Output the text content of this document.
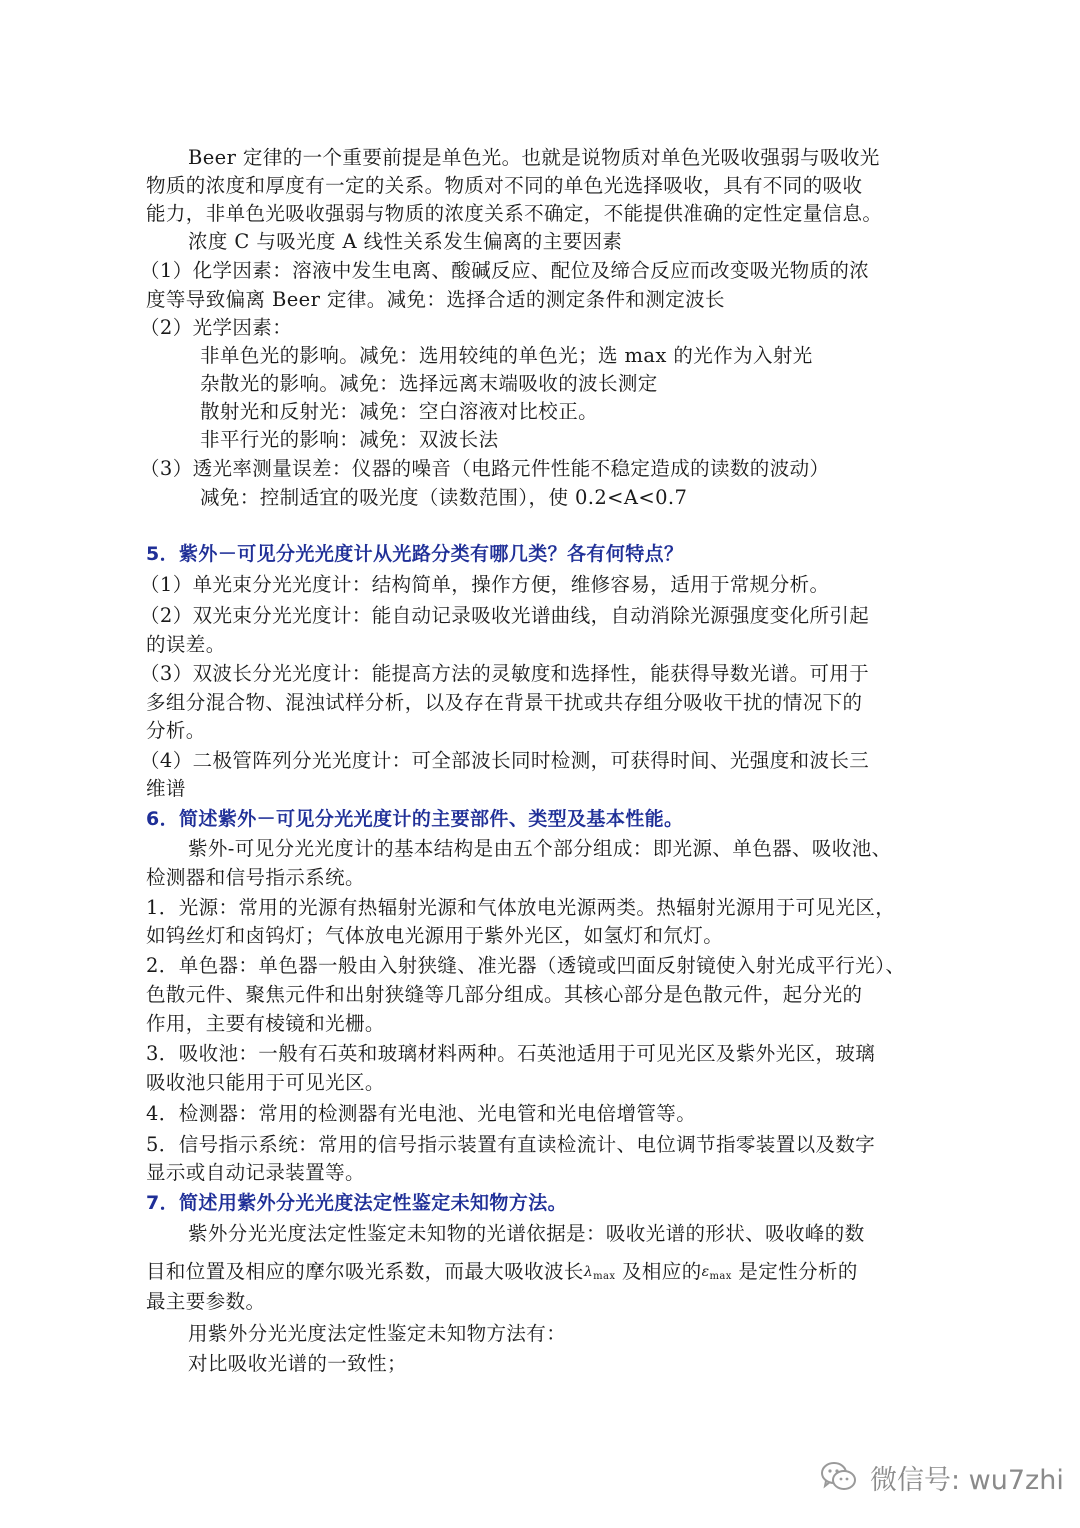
Beer 定律的一个重要前提是单色光。也就是说物质对单色光吸收强弱与吸收光
物质的浓度和厚度有一定的关系。物质对不同的单色光选择吸收，具有不同的吸收
能力，非单色光吸收强弱与物质的浓度关系不确定，不能提供准确的定性定量信息。
浓度 C 与吸光度 A 线性关系发生偏离的主要因素
（1）化学因素：溶液中发生电离、酸碱反应、配位及缔合反应而改变吸光物质的浓
度等导致偏离 Beer 定律。减免：选择合适的测定条件和测定波长
（2）光学因素：
非单色光的影响。减免：选用较纯的单色光；选 max 的光作为入射光
杂散光的影响。减免：选择远离末端吸收的波长测定
散射光和反射光：减免：空白溶液对比校正。
非平行光的影响：减免：双波长法
（3）透光率测量误差：仪器的噪音（电路元件性能不稳定造成的读数的波动）
减免：控制适宜的吸光度（读数范围），使 0.2<A<0.7
5．紫外－可见分光光度计从光路分类有哪几类？各有何特点？
（1）单光束分光光度计：结构简单，操作方便，维修容易，适用于常规分析。
（2）双光束分光光度计：能自动记录吸收光谱曲线，自动消除光源强度变化所引起
的误差。
（3）双波长分光光度计：能提高方法的灵敏度和选择性，能获得导数光谱。可用于
多组分混合物、混浊试样分析，以及存在背景干扰或共存组分吸收干扰的情况下的
分析。
（4）二极管阵列分光光度计：可全部波长同时检测，可获得时间、光强度和波长三
维谱
6．简述紫外－可见分光光度计的主要部件、类型及基本性能。
紫外-可见分光光度计的基本结构是由五个部分组成：即光源、单色器、吸收池、
检测器和信号指示系统。
1．光源：常用的光源有热辐射光源和气体放电光源两类。热辐射光源用于可见光区，
如钨丝灯和卤钨灯；气体放电光源用于紫外光区，如氢灯和氘灯。
2．单色器：单色器一般由入射狭缝、准光器（透镜或凹面反射镜使入射光成平行光）、
色散元件、聚焦元件和出射狭缝等几部分组成。其核心部分是色散元件，起分光的
作用，主要有棱镜和光栅。
3．吸收池：一般有石英和玻璃材料两种。石英池适用于可见光区及紫外光区，玻璃
吸收池只能用于可见光区。
4．检测器：常用的检测器有光电池、光电管和光电倍增管等。
5．信号指示系统：常用的信号指示装置有直读检流计、电位调节指零装置以及数字
显示或自动记录装置等。
7．简述用紫外分光光度法定性鉴定未知物方法。
紫外分光光度法定性鉴定未知物的光谱依据是：吸收光谱的形状、吸收峰的数
目和位置及相应的摩尔吸光系数，而最大吸收波长λmax 及相应的εmax 是定性分析的
最主要参数。
用紫外分光光度法定性鉴定未知物方法有：
对比吸收光谱的一致性；
微信号: wu7zhi
